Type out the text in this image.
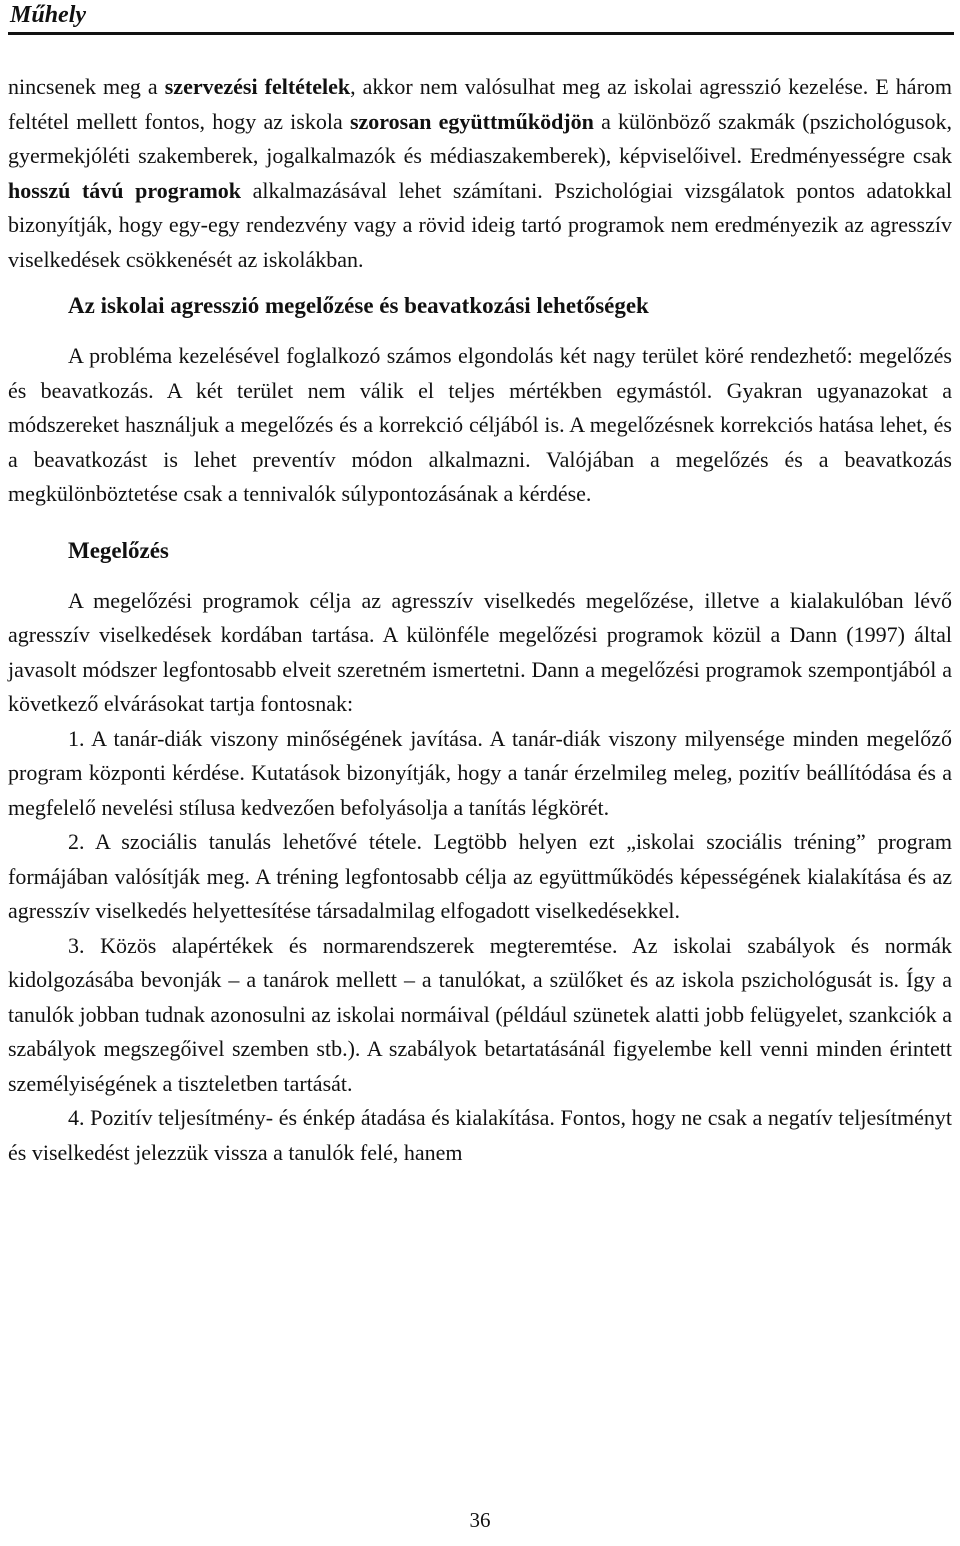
Műhely

nincsenek meg a szervezési feltételek, akkor nem valósulhat meg az iskolai agresszió kezelése. E három feltétel mellett fontos, hogy az iskola szorosan együttműködjön a különböző szakmák (pszichológusok, gyermekjóléti szakemberek, jogalkalmazók és médiaszakemberek), képviselőivel. Eredményességre csak hosszú távú programok alkalmazásával lehet számítani. Pszichológiai vizsgálatok pontos adatokkal bizonyítják, hogy egy-egy rendezvény vagy a rövid ideig tartó programok nem eredményezik az agresszív viselkedések csökkenését az iskolákban.

Az iskolai agresszió megelőzése és beavatkozási lehetőségek

A probléma kezelésével foglalkozó számos elgondolás két nagy terület köré rendezhető: megelőzés és beavatkozás. A két terület nem válik el teljes mértékben egymástól. Gyakran ugyanazokat a módszereket használjuk a megelőzés és a korrekció céljából is. A megelőzésnek korrekciós hatása lehet, és a beavatkozást is lehet preventív módon alkalmazni. Valójában a megelőzés és a beavatkozás megkülönböztetése csak a tennivalók súlypontozásának a kérdése.

Megelőzés

A megelőzési programok célja az agresszív viselkedés megelőzése, illetve a kialakulóban lévő agresszív viselkedések kordában tartása. A különféle megelőzési programok közül a Dann (1997) által javasolt módszer legfontosabb elveit szeretném ismertetni. Dann a megelőzési programok szempontjából a következő elvárásokat tartja fontosnak:

1. A tanár-diák viszony minőségének javítása. A tanár-diák viszony milyensége minden megelőző program központi kérdése. Kutatások bizonyítják, hogy a tanár érzelmileg meleg, pozitív beállítódása és a megfelelő nevelési stílusa kedvezően befolyásolja a tanítás légkörét.

2. A szociális tanulás lehetővé tétele. Legtöbb helyen ezt „iskolai szociális tréning” program formájában valósítják meg. A tréning legfontosabb célja az együttműködés képességének kialakítása és az agresszív viselkedés helyettesítése társadalmilag elfogadott viselkedésekkel.

3. Közös alapértékek és normarendszerek megteremtése. Az iskolai szabályok és normák kidolgozásába bevonják – a tanárok mellett – a tanulókat, a szülőket és az iskola pszichológusát is. Így a tanulók jobban tudnak azonosulni az iskolai normáival (például szünetek alatti jobb felügyelet, szankciók a szabályok megszegőivel szemben stb.). A szabályok betartatásánál figyelembe kell venni minden érintett személyiségének a tiszteletben tartását.

4. Pozitív teljesítmény- és énkép átadása és kialakítása. Fontos, hogy ne csak a negatív teljesítményt és viselkedést jelezzük vissza a tanulók felé, hanem

36
